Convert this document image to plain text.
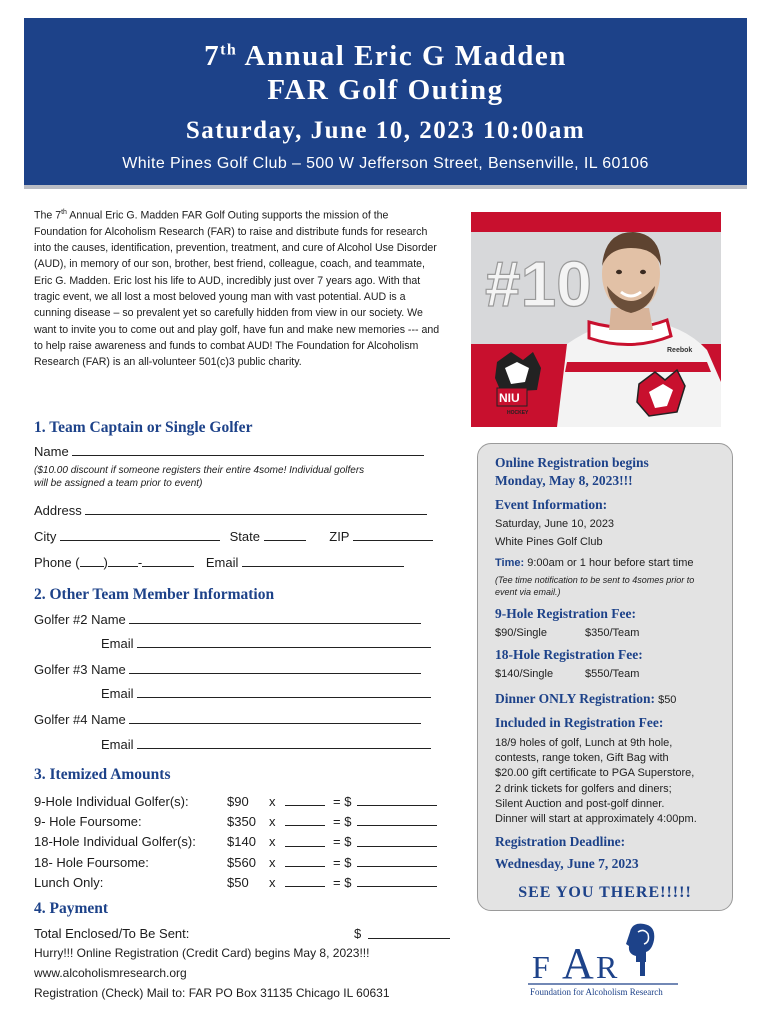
7th Annual Eric G Madden
FAR Golf Outing
Saturday, June 10, 2023 10:00am
White Pines Golf Club – 500 W Jefferson Street, Bensenville, IL 60106
The 7th Annual Eric G. Madden FAR Golf Outing supports the mission of the Foundation for Alcoholism Research (FAR) to raise and distribute funds for research into the causes, identification, prevention, treatment, and cure of Alcohol Use Disorder (AUD), in memory of our son, brother, best friend, colleague, coach, and teammate, Eric G. Madden. Eric lost his life to AUD, incredibly just over 7 years ago. With that tragic event, we all lost a most beloved young man with vast potential. AUD is a cunning disease – so prevalent yet so carefully hidden from view in our society. We want to invite you to come out and play golf, have fun and make new memories --- and to help raise awareness and funds to combat AUD! The Foundation for Alcoholism Research (FAR) is an all-volunteer 501(c)3 public charity.
#10
Reebok
NIU
HOCKEY
1. Team Captain or Single Golfer
Name
($10.00 discount if someone registers their entire 4some! Individual golfers
will be assigned a team prior to event)
Address
City	State	ZIP
Phone ( ) -	Email
2. Other Team Member Information
Golfer #2 Name
Email
Golfer #3 Name
Email
Golfer #4 Name
Email
3. Itemized Amounts
9-Hole Individual Golfer(s):	$90	x		= $	
9- Hole Foursome:	$350	x		= $	
18-Hole Individual Golfer(s):	$140	x		= $	
18- Hole Foursome:	$560	x		= $	
Lunch Only:	$50	x		= $	
4. Payment
Total Enclosed/To Be Sent:	$
Hurry!!! Online Registration (Credit Card) begins May 8, 2023!!!
www.alcoholismresearch.org
Registration (Check) Mail to: FAR PO Box 31135 Chicago IL 60631
Online Registration begins
Monday, May 8, 2023!!!
Event Information:
Saturday, June 10, 2023
White Pines Golf Club
Time: 9:00am or 1 hour before start time
(Tee time notification to be sent to 4somes prior to
event via email.)
9-Hole Registration Fee:
$90/Single	$350/Team
18-Hole Registration Fee:
$140/Single	$550/Team
Dinner ONLY Registration: $50
Included in Registration Fee:
18/9 holes of golf, Lunch at 9th hole,
contests, range token, Gift Bag with
$20.00 gift certificate to PGA Superstore,
2 drink tickets for golfers and diners;
Silent Auction and post-golf dinner.
Dinner will start at approximately 4:00pm.
Registration Deadline:
Wednesday, June 7, 2023
SEE YOU THERE!!!!!
F A R
Foundation for Alcoholism Research
